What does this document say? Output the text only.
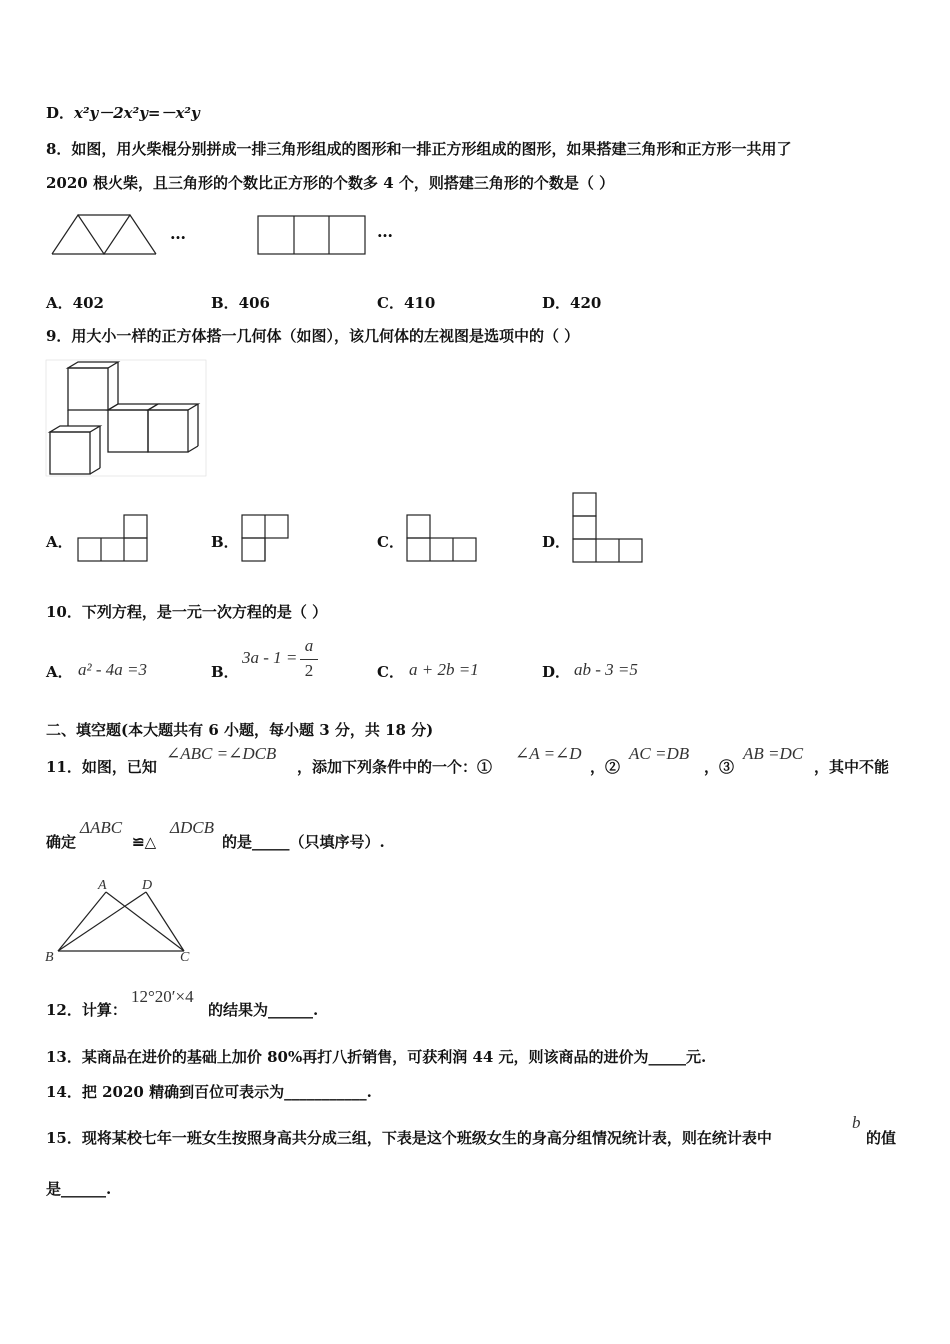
D．x²y－2x²y=－x²y
8．如图，用火柴棍分别拼成一排三角形组成的图形和一排正方形组成的图形，如果搭建三角形和正方形一共用了
2020 根火柴，且三角形的个数比正方形的个数多 4 个，则搭建三角形的个数是（ ）
…	…
A．402	B．406	C．410	D．420
9．用大小一样的正方体搭一几何体（如图），该几何体的左视图是选项中的（ ）
A．	B．	C．	D．
10．下列方程，是一元一次方程的是（ ）
A． a² - 4a =3	B．
3a - 1 =
a
2	C． a + 2b =1	D． ab - 3 =5
二、填空题(本大题共有 6 小题，每小题 3 分，共 18 分)
11．如图，已知
∠ABC =∠DCB
，添加下列条件中的一个：①
∠A =∠D
，②
AC =DB
，③
AB =DC
，其中不能
确定
ΔABC
≌△
ΔDCB
的是_____（只填序号）.
A	D
B	C
12．计算：
12°20′×4
的结果为______.
13．某商品在进价的基础上加价 80%再打八折销售，可获利润 44 元，则该商品的进价为_____元.
14．把 2020 精确到百位可表示为___________.
15．现将某校七年一班女生按照身高共分成三组，下表是这个班级女生的身高分组情况统计表，则在统计表中
b
的值
是______.
